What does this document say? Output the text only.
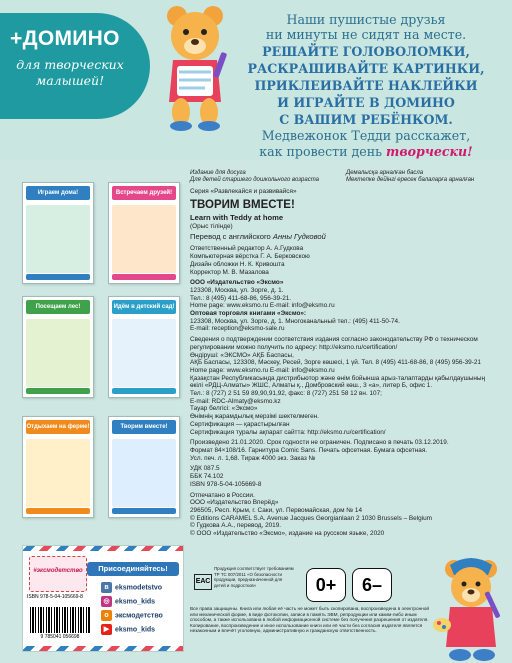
+ДОМИНО
для творческих
малышей!
Наши пушистые друзья
ни минуты не сидят на месте.
РЕШАЙТЕ ГОЛОВОЛОМКИ,
РАСКРАШИВАЙТЕ КАРТИНКИ,
ПРИКЛЕИВАЙТЕ НАКЛЕЙКИ
И ИГРАЙТЕ В ДОМИНО
С ВАШИМ РЕБЁНКОМ.
Медвежонок Тедди расскажет,
как провести день творчески!
Играем дома!	Встречаем друзей!
Посещаем лес!	Идём в детский сад!
Отдыхаем на ферме!	Творим вместе!
Издание для досуга
Для детей старшего дошкольного возраста
Демалысқа арналған басла
Мектепке дейінгі ересек балаларға арналған
Серия «Развлекайся и развивайся»
ТВОРИМ ВМЕСТЕ!
Learn with Teddy at home
(Орыс тілінде)
Перевод с английского Анны Гудковой
Ответственный редактор А. А.Гудкова
Компьютерная вёрстка Г. А. Берковскою
Дизайн обложки Н. К. Кривошта
Корректор М. В. Мазалова
ООО «Издательство «Эксмо»
123308, Москва, ул. Зорге, д. 1.
Тел.: 8 (495) 411-68-86, 956-39-21.
Home page: www.eksmo.ru E-mail: info@eksmo.ru
Оптовая торговля книгами «Эксмо»:
123308, Москва, ул. Зорге, д. 1. Многоканальный тел.: (495) 411-50-74.
E-mail: reception@eksmo-sale.ru
Сведения о подтверждении соответствия издания согласно законодательству РФ о техническом
регулировании можно получить по адресу: http://eksmo.ru/certification/
Өндіруші: «ЭКСМО» АҚБ Баспасы,
АҚБ Баспасы, 123308, Мәскеу, Ресей, Зорге көшесі, 1 үй. Тел. 8 (495) 411-68-86, 8 (495) 956-39-21
Home page: www.eksmo.ru E-mail: info@eksmo.ru
Қазақстан Республикасында дистрибьютор және өнім бойынша арыз-талаптарды қабылдаушының
өкілі «РДЦ-Алматы» ЖШС, Алматы қ., Домбровский көш., 3 «а», литер Б, офис 1.
Тел.: 8 (727) 2 51 59 89,90,91,92, факс: 8 (727) 251 58 12 вн. 107;
E-mail: RDC-Almaty@eksmo.kz
Тауар белгісі: «Эксмо»
Өнімнің жарамдылық мерзімі шектелмеген.
Сертификация — қарастырылған
Сертификация туралы ақпарат сайтта: http://eksmo.ru/certification/
Произведено 21.01.2020. Срок годности не ограничен. Подписано в печать 03.12.2019.
Формат 84×108/16. Гарнитура Comic Sans. Печать офсетная. Бумага офсетная.
Усл. печ. л. 1,68. Тираж 4000 экз. Заказ №
УДК 087.5
ББК 74.102
ISBN 978-5-04-105669-8
Отпечатано в России.
ООО «Издательство Вперёд»
296505, Респ. Крым, г. Саки, ул. Первомайская, дом № 14
© Editions CARAMEL S.A. Avenue Jacques Georgianlaan 2 1030 Brussels – Belgium
© Гудкова А.А., перевод, 2019.
© ООО «Издательство «Эксмо», издание на русском языке, 2020
#эксмодетство	Присоединяйтесь!
в eksmodetstvo
◎ eksmo_kids
о эксмодетство
▶ eksmo_kids
ISBN 978-5-04-105669-8
9 785041 056698
ЕАС
Продукция соответствует требованиям ТР ТС 007/2011 «О безопасности продукции, предназначенной для детей и подростков»	0+	6–
Все права защищены. Книга или любая её часть не может быть скопирована, воспроизведена в электронной или механической форме, в виде фотокопии, записи в память ЭВМ, репродукции или каким-либо иным способом, а также использована в любой информационной системе без получения разрешения от издателя. Копирование, воспроизведение и иное использование книги или её части без согласия издателя является незаконным и влечёт уголовную, административную и гражданскую ответственность.
